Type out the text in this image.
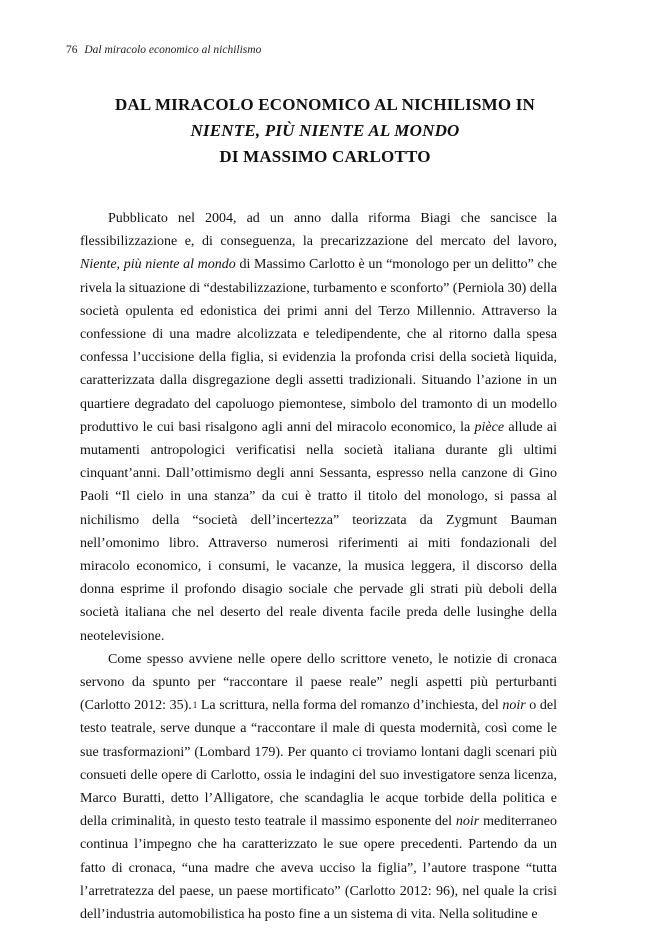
76 Dal miracolo economico al nichilismo
DAL MIRACOLO ECONOMICO AL NICHILISMO IN
NIENTE, PIÙ NIENTE AL MONDO
DI MASSIMO CARLOTTO

Pubblicato nel 2004, ad un anno dalla riforma Biagi che sancisce la flessibilizzazione e, di conseguenza, la precarizzazione del mercato del lavoro, Niente, più niente al mondo di Massimo Carlotto è un “monologo per un delitto” che rivela la situazione di “destabilizzazione, turbamento e sconforto” (Perniola 30) della società opulenta ed edonistica dei primi anni del Terzo Millennio. Attraverso la confessione di una madre alcolizzata e teledipendente, che al ritorno dalla spesa confessa l’uccisione della figlia, si evidenzia la profonda crisi della società liquida, caratterizzata dalla disgregazione degli assetti tradizionali. Situando l’azione in un quartiere degradato del capoluogo piemontese, simbolo del tramonto di un modello produttivo le cui basi risalgono agli anni del miracolo economico, la pièce allude ai mutamenti antropologici verificatisi nella società italiana durante gli ultimi cinquant’anni. Dall’ottimismo degli anni Sessanta, espresso nella canzone di Gino Paoli “Il cielo in una stanza” da cui è tratto il titolo del monologo, si passa al nichilismo della “società dell’incertezza” teorizzata da Zygmunt Bauman nell’omonimo libro. Attraverso numerosi riferimenti ai miti fondazionali del miracolo economico, i consumi, le vacanze, la musica leggera, il discorso della donna esprime il profondo disagio sociale che pervade gli strati più deboli della società italiana che nel deserto del reale diventa facile preda delle lusinghe della neotelevisione.

Come spesso avviene nelle opere dello scrittore veneto, le notizie di cronaca servono da spunto per “raccontare il paese reale” negli aspetti più perturbanti (Carlotto 2012: 35).1 La scrittura, nella forma del romanzo d’inchiesta, del noir o del testo teatrale, serve dunque a “raccontare il male di questa modernità, così come le sue trasformazioni” (Lombard 179). Per quanto ci troviamo lontani dagli scenari più consueti delle opere di Carlotto, ossia le indagini del suo investigatore senza licenza, Marco Buratti, detto l’Alligatore, che scandaglia le acque torbide della politica e della criminalità, in questo testo teatrale il massimo esponente del noir mediterraneo continua l’impegno che ha caratterizzato le sue opere precedenti. Partendo da un fatto di cronaca, “una madre che aveva ucciso la figlia”, l’autore traspone “tutta l’arretratezza del paese, un paese mortificato” (Carlotto 2012: 96), nel quale la crisi dell’industria automobilistica ha posto fine a un sistema di vita. Nella solitudine e
